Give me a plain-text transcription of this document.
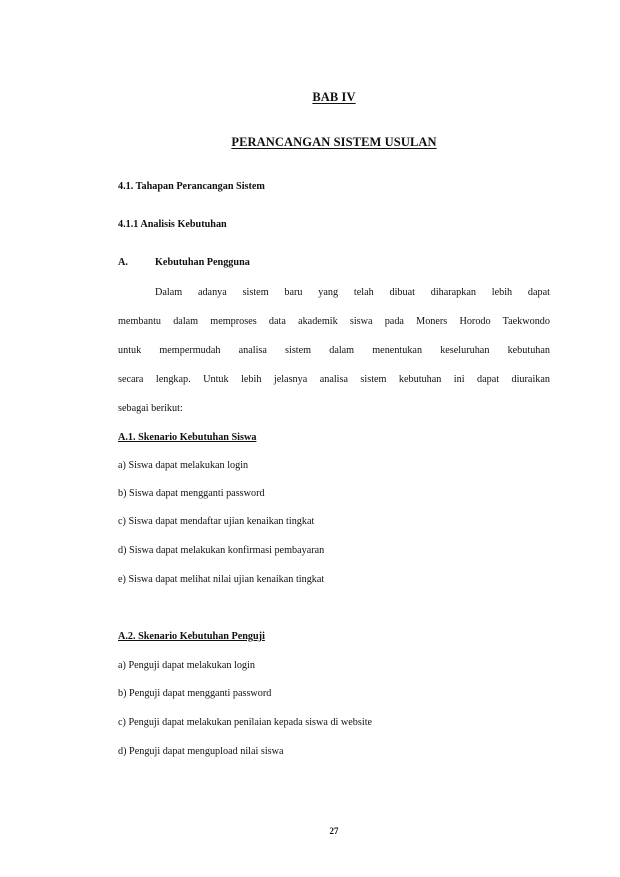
BAB IV
PERANCANGAN SISTEM USULAN
4.1. Tahapan Perancangan Sistem
4.1.1 Analisis Kebutuhan
A.	Kebutuhan Pengguna
Dalam adanya sistem baru yang telah dibuat diharapkan lebih dapat
membantu dalam memproses data akademik siswa pada Moners Horodo Taekwondo
untuk mempermudah analisa sistem dalam menentukan keseluruhan kebutuhan
secara lengkap. Untuk lebih jelasnya analisa sistem kebutuhan ini dapat diuraikan
sebagai berikut:
A.1. Skenario Kebutuhan Siswa
a) Siswa dapat melakukan login
b) Siswa dapat mengganti password
c) Siswa dapat mendaftar ujian kenaikan tingkat
d) Siswa dapat melakukan konfirmasi pembayaran
e) Siswa dapat melihat nilai ujian kenaikan tingkat
A.2. Skenario Kebutuhan Penguji
a) Penguji dapat melakukan login
b) Penguji dapat mengganti password
c) Penguji dapat melakukan penilaian kepada siswa di website
d) Penguji dapat mengupload nilai siswa
27
